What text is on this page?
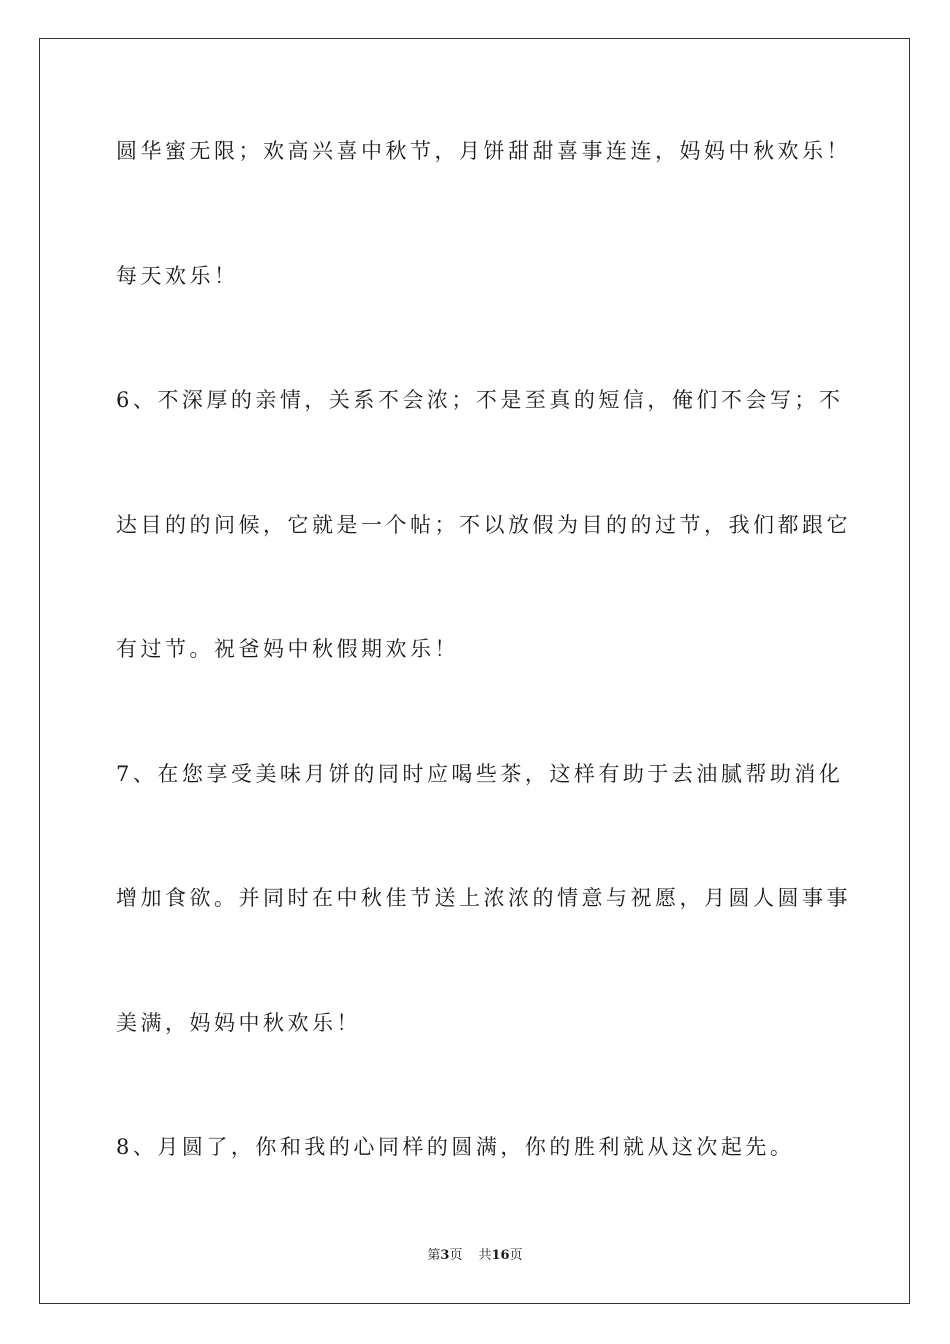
圆华蜜无限；欢高兴喜中秋节，月饼甜甜喜事连连，妈妈中秋欢乐！
每天欢乐！
6、不深厚的亲情，关系不会浓；不是至真的短信，俺们不会写；不
达目的的问候，它就是一个帖；不以放假为目的的过节，我们都跟它
有过节。祝爸妈中秋假期欢乐！
7、在您享受美味月饼的同时应喝些茶，这样有助于去油腻帮助消化
增加食欲。并同时在中秋佳节送上浓浓的情意与祝愿，月圆人圆事事
美满，妈妈中秋欢乐！
8、月圆了，你和我的心同样的圆满，你的胜利就从这次起先。
第3页 共16页
